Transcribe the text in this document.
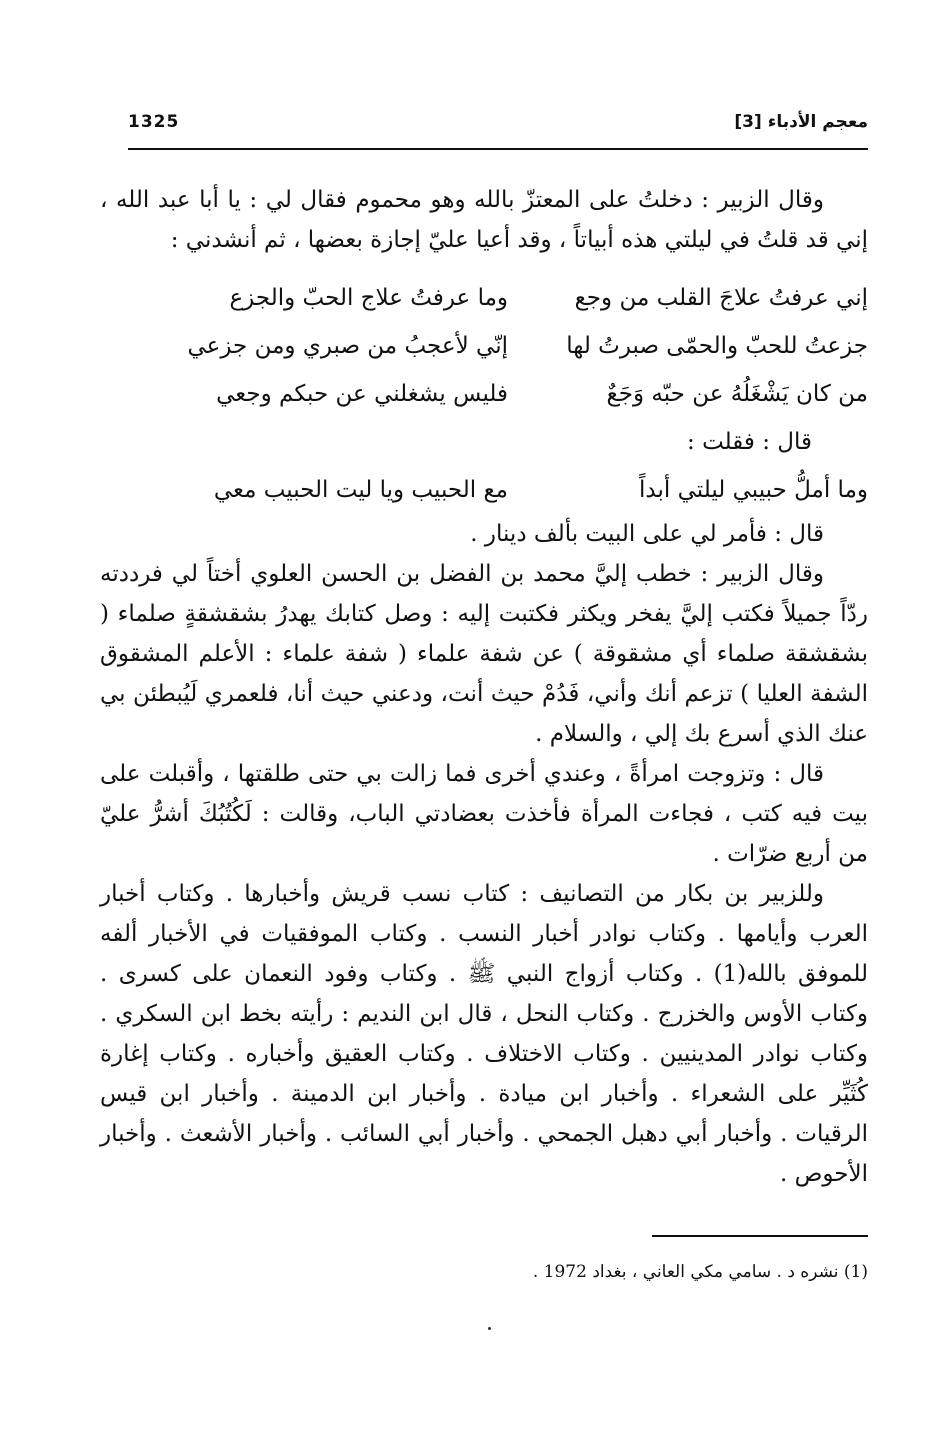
1325	معجم الأدباء [3]

وقال الزبير : دخلتُ على المعتزّ بالله وهو محموم فقال لي : يا أبا عبد الله ، إني قد قلتُ في ليلتي هذه أبياتاً ، وقد أعيا عليّ إجازة بعضها ، ثم أنشدني :

إني عرفتُ علاجَ القلب من وجع
وما عرفتُ علاج الحبّ والجزع
جزعتُ للحبّ والحمّى صبرتُ لها
إنّي لأعجبُ من صبري ومن جزعي
من كان يَشْغَلُهُ عن حبّه وَجَعٌ
فليس يشغلني عن حبكم وجعي
قال : فقلت :
وما أملُّ حبيبي ليلتي أبداً
مع الحبيب ويا ليت الحبيب معي

قال : فأمر لي على البيت بألف دينار .

وقال الزبير : خطب إليَّ محمد بن الفضل بن الحسن العلوي أختاً لي فرددته ردّاً جميلاً فكتب إليَّ يفخر ويكثر فكتبت إليه : وصل كتابك يهدرُ بشقشقةٍ صلماء ( بشقشقة صلماء أي مشقوقة ) عن شفة علماء ( شفة علماء : الأعلم المشقوق الشفة العليا ) تزعم أنك وأني، فَدُمْ حيث أنت، ودعني حيث أنا، فلعمري لَيُبطئن بي عنك الذي أسرع بك إلي ، والسلام .

قال : وتزوجت امرأةً ، وعندي أخرى فما زالت بي حتى طلقتها ، وأقبلت على بيت فيه كتب ، فجاءت المرأة فأخذت بعضادتي الباب، وقالت : لَكُتُبُكَ أشرُّ عليّ من أربع ضرّات .

وللزبير بن بكار من التصانيف : كتاب نسب قريش وأخبارها . وكتاب أخبار العرب وأيامها . وكتاب نوادر أخبار النسب . وكتاب الموفقيات في الأخبار ألفه للموفق بالله(1) . وكتاب أزواج النبي ﷺ . وكتاب وفود النعمان على كسرى . وكتاب الأوس والخزرج . وكتاب النحل ، قال ابن النديم : رأيته بخط ابن السكري . وكتاب نوادر المدينيين . وكتاب الاختلاف . وكتاب العقيق وأخباره . وكتاب إغارة كُثَيِّر على الشعراء . وأخبار ابن ميادة . وأخبار ابن الدمينة . وأخبار ابن قيس الرقيات . وأخبار أبي دهبل الجمحي . وأخبار أبي السائب . وأخبار الأشعث . وأخبار الأحوص .

(1) نشره د . سامي مكي العاني ، بغداد 1972 .
